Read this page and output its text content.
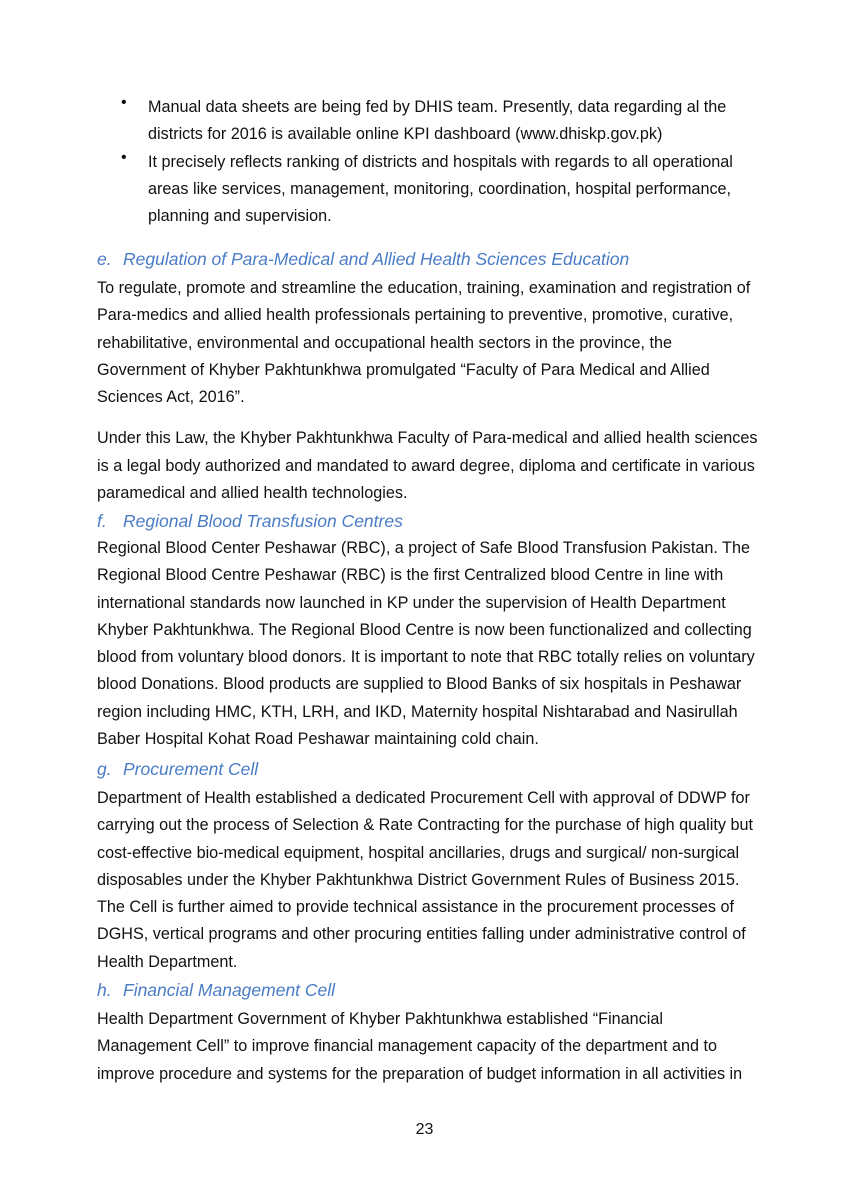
• Manual data sheets are being fed by DHIS team. Presently, data regarding al the
districts for 2016 is available online KPI dashboard (www.dhiskp.gov.pk)
• It precisely reflects ranking of districts and hospitals with regards to all operational
areas like services, management, monitoring, coordination, hospital performance,
planning and supervision.
e. Regulation of Para-Medical and Allied Health Sciences Education
To regulate, promote and streamline the education, training, examination and registration of
Para-medics and allied health professionals pertaining to preventive, promotive, curative,
rehabilitative, environmental and occupational health sectors in the province, the
Government of Khyber Pakhtunkhwa promulgated “Faculty of Para Medical and Allied
Sciences Act, 2016”.
Under this Law, the Khyber Pakhtunkhwa Faculty of Para-medical and allied health sciences
is a legal body authorized and mandated to award degree, diploma and certificate in various
paramedical and allied health technologies.
f. Regional Blood Transfusion Centres
Regional Blood Center Peshawar (RBC), a project of Safe Blood Transfusion Pakistan. The
Regional Blood Centre Peshawar (RBC) is the first Centralized blood Centre in line with
international standards now launched in KP under the supervision of Health Department
Khyber Pakhtunkhwa. The Regional Blood Centre is now been functionalized and collecting
blood from voluntary blood donors. It is important to note that RBC totally relies on voluntary
blood Donations. Blood products are supplied to Blood Banks of six hospitals in Peshawar
region including HMC, KTH, LRH, and IKD, Maternity hospital Nishtarabad and Nasirullah
Baber Hospital Kohat Road Peshawar maintaining cold chain.
g. Procurement Cell
Department of Health established a dedicated Procurement Cell with approval of DDWP for
carrying out the process of Selection & Rate Contracting for the purchase of high quality but
cost-effective bio-medical equipment, hospital ancillaries, drugs and surgical/ non-surgical
disposables under the Khyber Pakhtunkhwa District Government Rules of Business 2015.
The Cell is further aimed to provide technical assistance in the procurement processes of
DGHS, vertical programs and other procuring entities falling under administrative control of
Health Department.
h. Financial Management Cell
Health Department Government of Khyber Pakhtunkhwa established “Financial
Management Cell” to improve financial management capacity of the department and to
improve procedure and systems for the preparation of budget information in all activities in
23
